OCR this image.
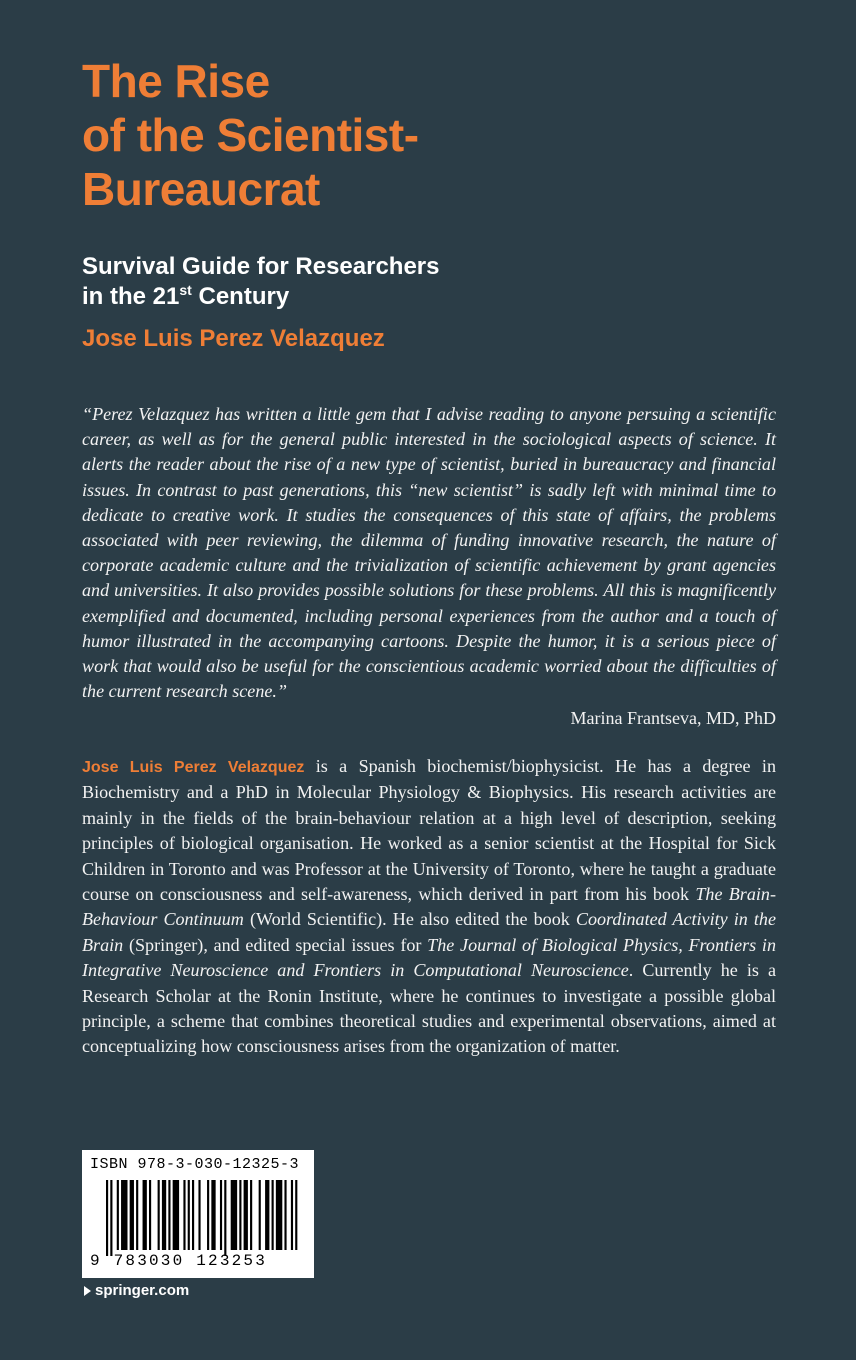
The Rise
of the Scientist-
Bureaucrat
Survival Guide for Researchers
in the 21st Century
Jose Luis Perez Velazquez

“Perez Velazquez has written a little gem that I advise reading to anyone persuing a scientific career, as well as for the general public interested in the sociological aspects of science. It alerts the reader about the rise of a new type of scientist, buried in bureaucracy and financial issues. In contrast to past generations, this “new scientist” is sadly left with minimal time to dedicate to creative work. It studies the consequences of this state of affairs, the problems associated with peer reviewing, the dilemma of funding innovative research, the nature of corporate academic culture and the trivialization of scientific achievement by grant agencies and universities. It also provides possible solutions for these problems. All this is magnificently exemplified and documented, including personal experiences from the author and a touch of humor illustrated in the accompanying cartoons. Despite the humor, it is a serious piece of work that would also be useful for the conscientious academic worried about the difficulties of the current research scene.”

Marina Frantseva, MD, PhD

Jose Luis Perez Velazquez is a Spanish biochemist/biophysicist. He has a degree in Biochemistry and a PhD in Molecular Physiology & Biophysics. His research activities are mainly in the fields of the brain-behaviour relation at a high level of description, seeking principles of biological organisation. He worked as a senior scientist at the Hospital for Sick Children in Toronto and was Professor at the University of Toronto, where he taught a graduate course on consciousness and self-awareness, which derived in part from his book The Brain-Behaviour Continuum (World Scientific). He also edited the book Coordinated Activity in the Brain (Springer), and edited special issues for The Journal of Biological Physics, Frontiers in Integrative Neuroscience and Frontiers in Computational Neuroscience. Currently he is a Research Scholar at the Ronin Institute, where he continues to investigate a possible global principle, a scheme that combines theoretical studies and experimental observations, aimed at conceptualizing how consciousness arises from the organization of matter.

ISBN 978-3-030-12325-3
9 783030 123253
springer.com
